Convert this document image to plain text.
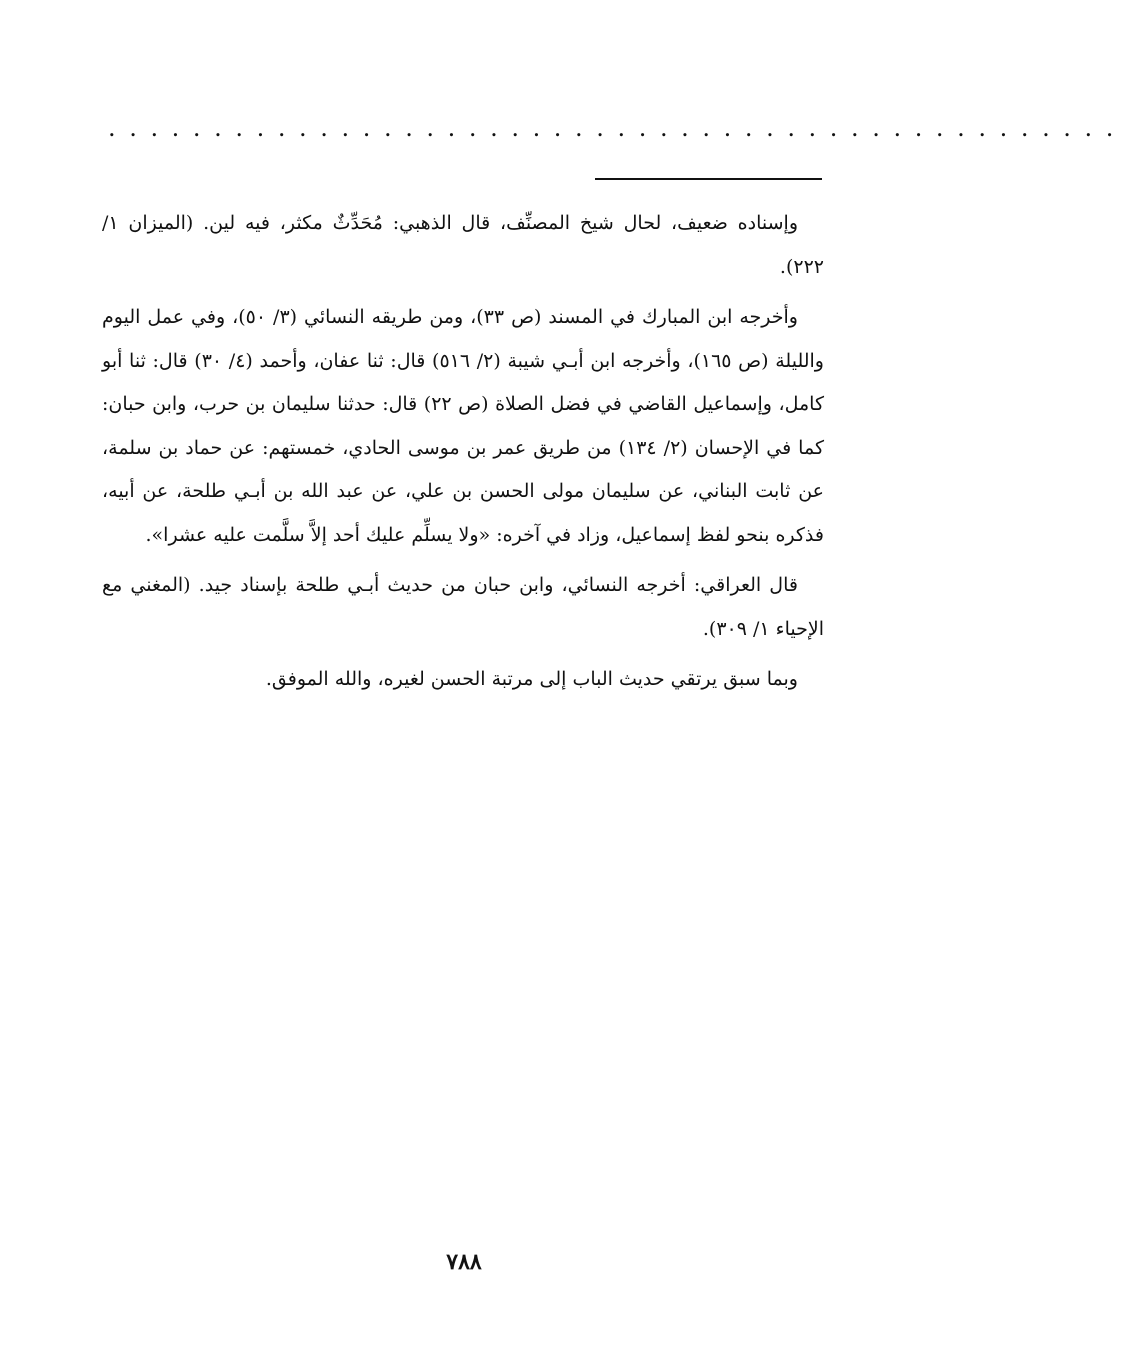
................................................

وإسناده ضعيف، لحال شيخ المصنِّف، قال الذهبي: مُحَدِّثٌ مكثر، فيه لين. (الميزان ١/ ٢٢٢).

وأخرجه ابن المبارك في المسند (ص ٣٣)، ومن طريقه النسائي (٣/ ٥٠)، وفي عمل اليوم والليلة (ص ١٦٥)، وأخرجه ابن أبـي شيبة (٢/ ٥١٦) قال: ثنا عفان، وأحمد (٤/ ٣٠) قال: ثنا أبو كامل، وإسماعيل القاضي في فضل الصلاة (ص ٢٢) قال: حدثنا سليمان بن حرب، وابن حبان: كما في الإحسان (٢/ ١٣٤) من طريق عمر بن موسى الحادي، خمستهم: عن حماد بن سلمة، عن ثابت البناني، عن سليمان مولى الحسن بن علي، عن عبد الله بن أبـي طلحة، عن أبيه، فذكره بنحو لفظ إسماعيل، وزاد في آخره: «ولا يسلِّم عليك أحد إلاَّ سلَّمت عليه عشرا».

قال العراقي: أخرجه النسائي، وابن حبان من حديث أبـي طلحة بإسناد جيد. (المغني مع الإحياء ١/ ٣٠٩).

وبما سبق يرتقي حديث الباب إلى مرتبة الحسن لغيره، والله الموفق.

٧٨٨
